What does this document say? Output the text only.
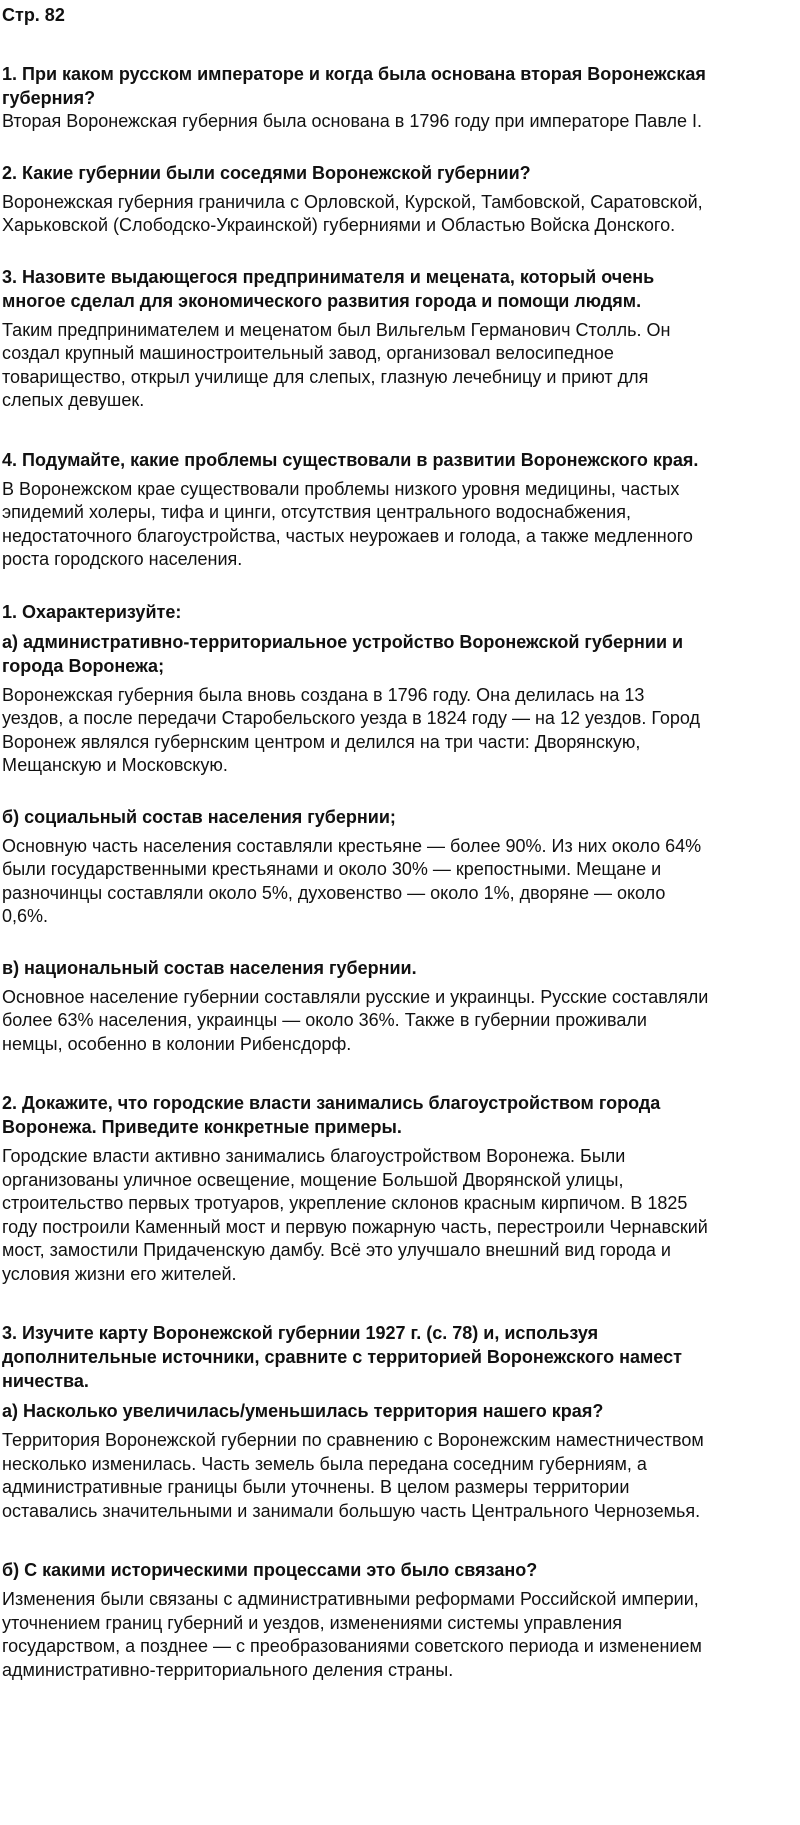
Стр. 82

1. При каком русском императоре и когда была основана вторая Воронежская
губерния?

Вторая Воронежская губерния была основана в 1796 году при императоре Павле I.

2. Какие губернии были соседями Воронежской губернии?

Воронежская губерния граничила с Орловской, Курской, Тамбовской, Саратовской,
Харьковской (Слободско-Украинской) губерниями и Областью Войска Донского.

3. Назовите выдающегося предпринимателя и мецената, который очень
многое сделал для экономического развития города и помощи людям.

Таким предпринимателем и меценатом был Вильгельм Германович Столль. Он
создал крупный машиностроительный завод, организовал велосипедное
товарищество, открыл училище для слепых, глазную лечебницу и приют для
слепых девушек.

4. Подумайте, какие проблемы существовали в развитии Воронежского края.

В Воронежском крае существовали проблемы низкого уровня медицины, частых
эпидемий холеры, тифа и цинги, отсутствия центрального водоснабжения,
недостаточного благоустройства, частых неурожаев и голода, а также медленного
роста городского населения.

1. Охарактеризуйте:

а) административно-территориальное устройство Воронежской губернии и
города Воронежа;

Воронежская губерния была вновь создана в 1796 году. Она делилась на 13
уездов, а после передачи Старобельского уезда в 1824 году — на 12 уездов. Город
Воронеж являлся губернским центром и делился на три части: Дворянскую,
Мещанскую и Московскую.

б) социальный состав населения губернии;

Основную часть населения составляли крестьяне — более 90%. Из них около 64%
были государственными крестьянами и около 30% — крепостными. Мещане и
разночинцы составляли около 5%, духовенство — около 1%, дворяне — около
0,6%.

в) национальный состав населения губернии.

Основное население губернии составляли русские и украинцы. Русские составляли
более 63% населения, украинцы — около 36%. Также в губернии проживали
немцы, особенно в колонии Рибенсдорф.

2. Докажите, что городские власти занимались благоустройством города
Воронежа. Приведите конкретные примеры.

Городские власти активно занимались благоустройством Воронежа. Были
организованы уличное освещение, мощение Большой Дворянской улицы,
строительство первых тротуаров, укрепление склонов красным кирпичом. В 1825
году построили Каменный мост и первую пожарную часть, перестроили Чернавский
мост, замостили Придаченскую дамбу. Всё это улучшало внешний вид города и
условия жизни его жителей.

3. Изучите карту Воронежской губернии 1927 г. (с. 78) и, используя
дополнительные источники, сравните с территорией Воронежского намест
ничества.

а) Насколько увеличилась/уменьшилась территория нашего края?

Территория Воронежской губернии по сравнению с Воронежским наместничеством
несколько изменилась. Часть земель была передана соседним губерниям, а
административные границы были уточнены. В целом размеры территории
оставались значительными и занимали большую часть Центрального Черноземья.

б) С какими историческими процессами это было связано?

Изменения были связаны с административными реформами Российской империи,
уточнением границ губерний и уездов, изменениями системы управления
государством, а позднее — с преобразованиями советского периода и изменением
административно-территориального деления страны.
